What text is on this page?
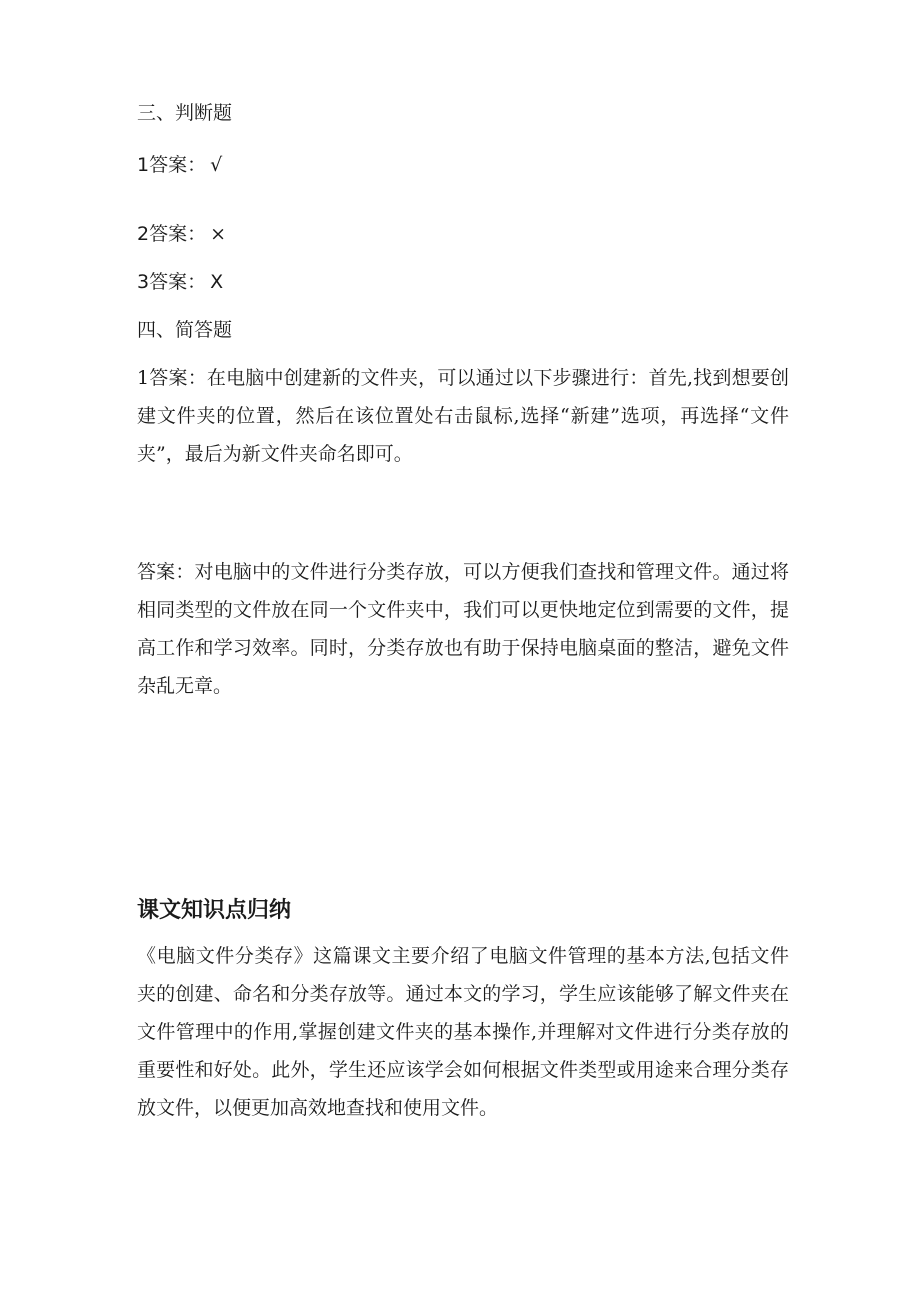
三、判断题
1答案： √
2答案： ×
3答案： X
四、简答题

1答案：在电脑中创建新的文件夹，可以通过以下步骤进行：首先,找到想要创建文件夹的位置，然后在该位置处右击鼠标,选择“新建”选项，再选择“文件夹”，最后为新文件夹命名即可。

答案：对电脑中的文件进行分类存放，可以方便我们查找和管理文件。通过将相同类型的文件放在同一个文件夹中，我们可以更快地定位到需要的文件，提高工作和学习效率。同时，分类存放也有助于保持电脑桌面的整洁，避免文件杂乱无章。

课文知识点归纳

《电脑文件分类存》这篇课文主要介绍了电脑文件管理的基本方法,包括文件夹的创建、命名和分类存放等。通过本文的学习，学生应该能够了解文件夹在文件管理中的作用,掌握创建文件夹的基本操作,并理解对文件进行分类存放的重要性和好处。此外，学生还应该学会如何根据文件类型或用途来合理分类存放文件，以便更加高效地查找和使用文件。
